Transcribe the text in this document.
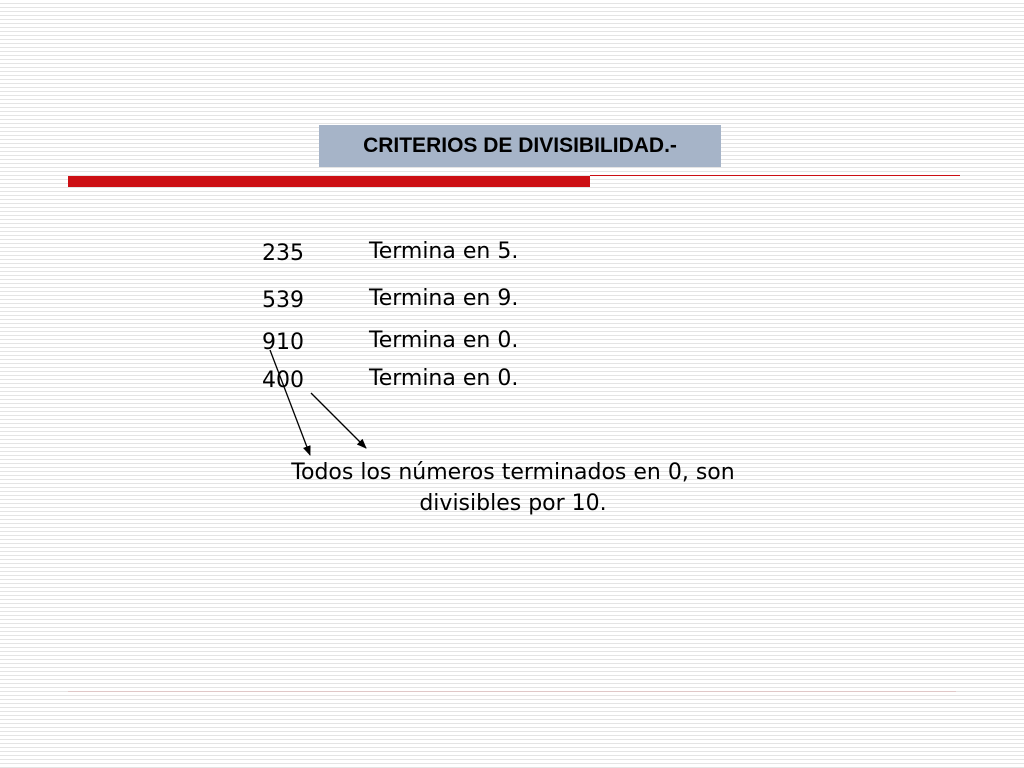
CRITERIOS DE DIVISIBILIDAD.-
235	Termina en 5.
539	Termina en 9.
910	Termina en 0.
400	Termina en 0.
Todos los números terminados en 0, son
divisibles por 10.
